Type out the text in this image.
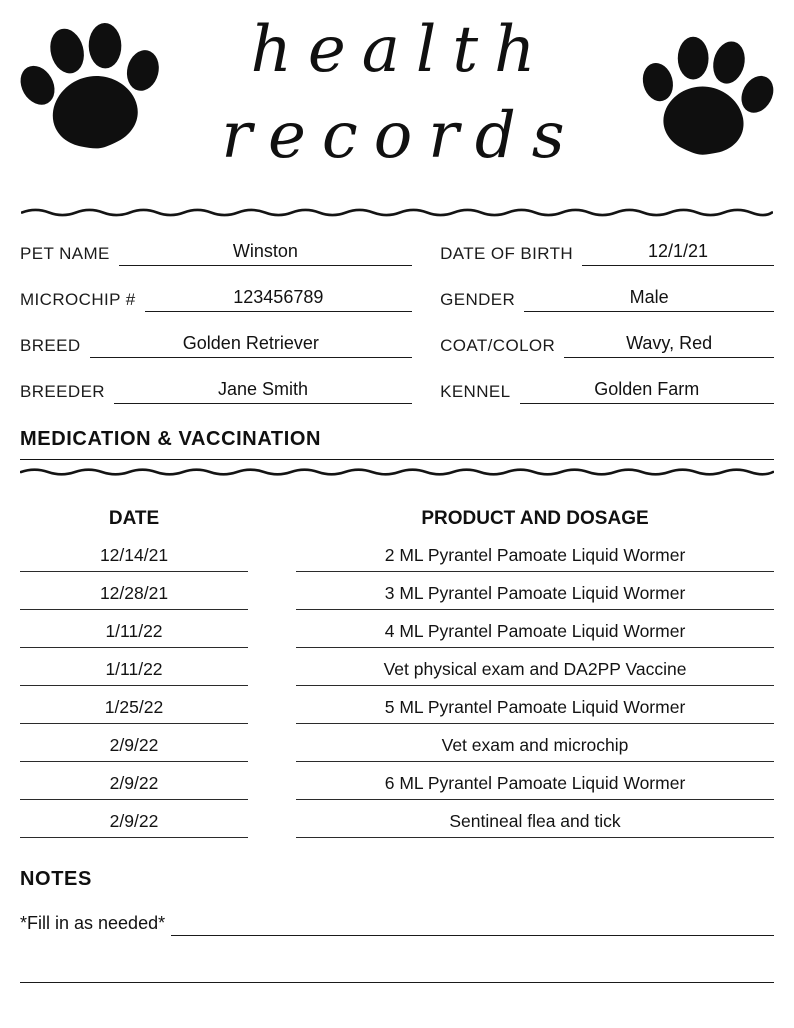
health
records
PET NAME	Winston	DATE OF BIRTH	12/1/21
MICROCHIP #	123456789	GENDER	Male
BREED	Golden Retriever	COAT/COLOR	Wavy, Red
BREEDER	Jane Smith	KENNEL	Golden Farm
MEDICATION & VACCINATION
DATE	PRODUCT AND DOSAGE
12/14/21	2 ML Pyrantel Pamoate Liquid Wormer
12/28/21	3 ML Pyrantel Pamoate Liquid Wormer
1/11/22	4 ML Pyrantel Pamoate Liquid Wormer
1/11/22	Vet physical exam and DA2PP Vaccine
1/25/22	5 ML Pyrantel Pamoate Liquid Wormer
2/9/22	Vet exam and microchip
2/9/22	6 ML Pyrantel Pamoate Liquid Wormer
2/9/22	Sentineal flea and tick
NOTES
*Fill in as needed*
